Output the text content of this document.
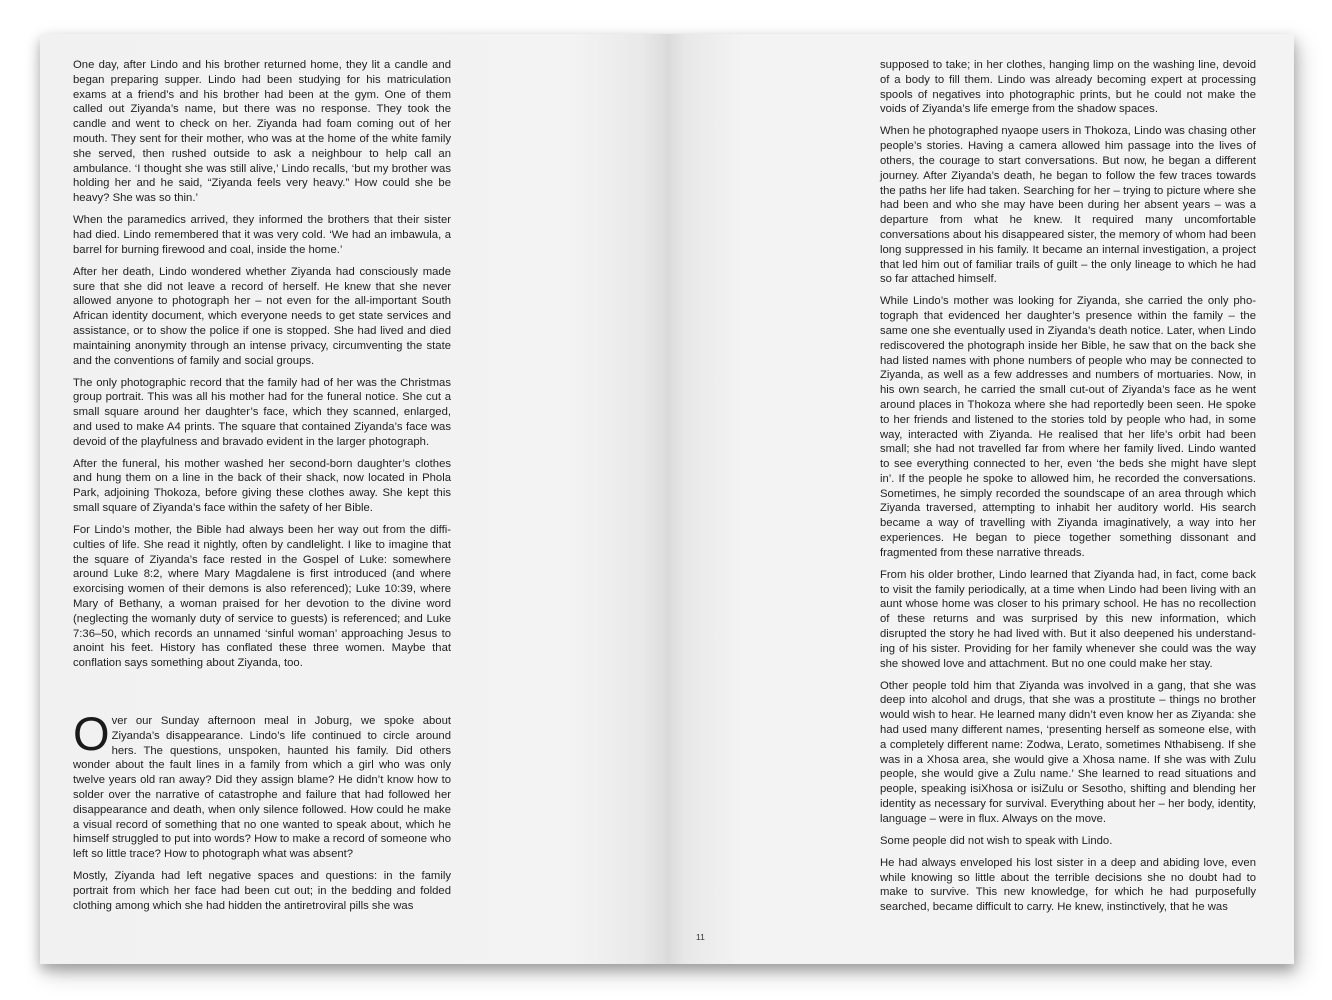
One day, after Lindo and his brother returned home, they lit a candle and began preparing supper. Lindo had been studying for his matriculation exams at a friend’s and his brother had been at the gym. One of them called out Ziyanda’s name, but there was no response. They took the candle and went to check on her. Ziyanda had foam coming out of her mouth. They sent for their mother, who was at the home of the white family she served, then rushed outside to ask a neighbour to help call an ambulance. ‘I thought she was still alive,’ Lindo recalls, ‘but my brother was holding her and he said, “Ziyanda feels very heavy.” How could she be heavy? She was so thin.’

When the paramedics arrived, they informed the brothers that their sister had died. Lindo remembered that it was very cold. ‘We had an imbawula, a barrel for burning firewood and coal, inside the home.’

After her death, Lindo wondered whether Ziyanda had consciously made sure that she did not leave a record of herself. He knew that she never allowed anyone to photograph her – not even for the all-important South African identity document, which everyone needs to get state services and assistance, or to show the police if one is stopped. She had lived and died maintaining anonymity through an intense privacy, circumventing the state and the conventions of family and social groups.

The only photographic record that the family had of her was the Christmas group portrait. This was all his mother had for the funeral notice. She cut a small square around her daughter’s face, which they scanned, enlarged, and used to make A4 prints. The square that contained Ziyanda’s face was devoid of the playfulness and bravado evident in the larger photograph.

After the funeral, his mother washed her second-born daughter’s clothes and hung them on a line in the back of their shack, now located in Phola Park, adjoining Thokoza, before giving these clothes away. She kept this small square of Ziyanda’s face within the safety of her Bible.

For Lindo’s mother, the Bible had always been her way out from the difficulties of life. She read it nightly, often by candlelight. I like to imagine that the square of Ziyanda’s face rested in the Gospel of Luke: somewhere around Luke 8:2, where Mary Magdalene is first introduced (and where exorcising women of their demons is also referenced); Luke 10:39, where Mary of Bethany, a woman praised for her devotion to the divine word (neglecting the womanly duty of service to guests) is referenced; and Luke 7:36–50, which records an unnamed ‘sinful woman’ approaching Jesus to anoint his feet. History has conflated these three women. Maybe that conflation says something about Ziyanda, too.

Over our Sunday afternoon meal in Joburg, we spoke about Ziyanda’s disappearance. Lindo’s life continued to circle around hers. The questions, unspoken, haunted his family. Did others wonder about the fault lines in a family from which a girl who was only twelve years old ran away? Did they assign blame? He didn’t know how to solder over the narrative of catastrophe and failure that had followed her disappearance and death, when only silence followed. How could he make a visual record of something that no one wanted to speak about, which he himself struggled to put into words? How to make a record of someone who left so little trace? How to photograph what was absent?

Mostly, Ziyanda had left negative spaces and questions: in the family portrait from which her face had been cut out; in the bedding and folded clothing among which she had hidden the antiretroviral pills she was

supposed to take; in her clothes, hanging limp on the washing line, devoid of a body to fill them. Lindo was already becoming expert at processing spools of negatives into photographic prints, but he could not make the voids of Ziyanda’s life emerge from the shadow spaces.

When he photographed nyaope users in Thokoza, Lindo was chasing other people’s stories. Having a camera allowed him passage into the lives of others, the courage to start conversations. But now, he began a different journey. After Ziyanda’s death, he began to follow the few traces towards the paths her life had taken. Searching for her – trying to picture where she had been and who she may have been during her absent years – was a departure from what he knew. It required many uncomfortable conversations about his disappeared sister, the memory of whom had been long suppressed in his family. It became an internal investigation, a project that led him out of familiar trails of guilt – the only lineage to which he had so far attached himself.

While Lindo’s mother was looking for Ziyanda, she carried the only photograph that evidenced her daughter’s presence within the family – the same one she eventually used in Ziyanda’s death notice. Later, when Lindo rediscovered the photograph inside her Bible, he saw that on the back she had listed names with phone numbers of people who may be connected to Ziyanda, as well as a few addresses and numbers of mortuaries. Now, in his own search, he carried the small cut-out of Ziyanda’s face as he went around places in Thokoza where she had reportedly been seen. He spoke to her friends and listened to the stories told by people who had, in some way, interacted with Ziyanda. He realised that her life’s orbit had been small; she had not travelled far from where her family lived. Lindo wanted to see everything connected to her, even ‘the beds she might have slept in’. If the people he spoke to allowed him, he recorded the conversations. Sometimes, he simply recorded the soundscape of an area through which Ziyanda traversed, attempting to inhabit her auditory world. His search became a way of travelling with Ziyanda imaginatively, a way into her experiences. He began to piece together something dissonant and fragmented from these narrative threads.

From his older brother, Lindo learned that Ziyanda had, in fact, come back to visit the family periodically, at a time when Lindo had been living with an aunt whose home was closer to his primary school. He has no recollection of these returns and was surprised by this new information, which disrupted the story he had lived with. But it also deepened his understanding of his sister. Providing for her family whenever she could was the way she showed love and attachment. But no one could make her stay.

Other people told him that Ziyanda was involved in a gang, that she was deep into alcohol and drugs, that she was a prostitute – things no brother would wish to hear. He learned many didn’t even know her as Ziyanda: she had used many different names, ‘presenting herself as someone else, with a completely different name: Zodwa, Lerato, sometimes Nthabiseng. If she was in a Xhosa area, she would give a Xhosa name. If she was with Zulu people, she would give a Zulu name.’ She learned to read situations and people, speaking isiXhosa or isiZulu or Sesotho, shifting and blending her identity as necessary for survival. Everything about her – her body, identity, language – were in flux. Always on the move.

Some people did not wish to speak with Lindo.

He had always enveloped his lost sister in a deep and abiding love, even while knowing so little about the terrible decisions she no doubt had to make to survive. This new knowledge, for which he had purposefully searched, became difficult to carry. He knew, instinctively, that he was

11
